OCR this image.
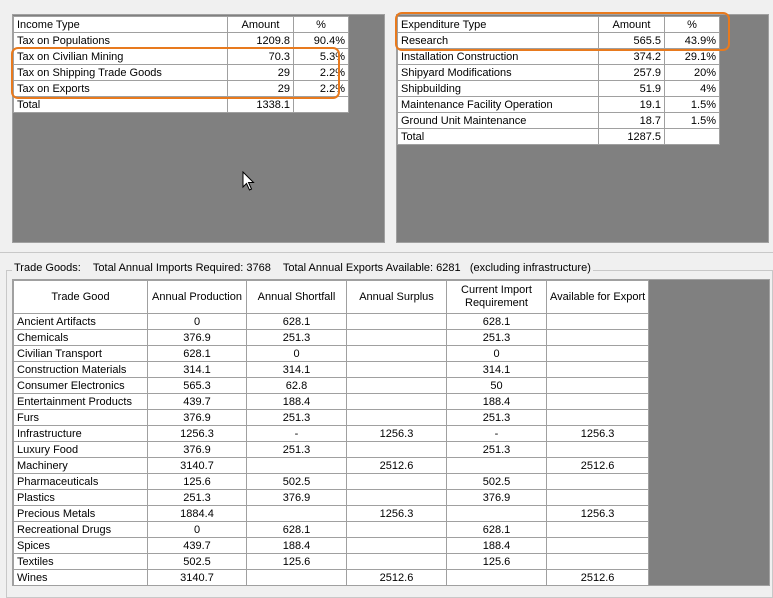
Income Type	Amount	%
Tax on Populations	1209.8	90.4%
Tax on Civilian Mining	70.3	5.3%
Tax on Shipping Trade Goods	29	2.2%
Tax on Exports	29	2.2%
Total	1338.1	
Expenditure Type	Amount	%
Research	565.5	43.9%
Installation Construction	374.2	29.1%
Shipyard Modifications	257.9	20%
Shipbuilding	51.9	4%
Maintenance Facility Operation	19.1	1.5%
Ground Unit Maintenance	18.7	1.5%
Total	1287.5	
Trade Goods: Total Annual Imports Required: 3768 Total Annual Exports Available: 6281 (excluding infrastructure)
Trade Good	Annual Production	Annual Shortfall	Annual Surplus	Current Import Requirement	Available for Export
Ancient Artifacts	0	628.1		628.1	
Chemicals	376.9	251.3		251.3	
Civilian Transport	628.1	0		0	
Construction Materials	314.1	314.1		314.1	
Consumer Electronics	565.3	62.8		50	
Entertainment Products	439.7	188.4		188.4	
Furs	376.9	251.3		251.3	
Infrastructure	1256.3	-	1256.3	-	1256.3
Luxury Food	376.9	251.3		251.3	
Machinery	3140.7		2512.6		2512.6
Pharmaceuticals	125.6	502.5		502.5	
Plastics	251.3	376.9		376.9	
Precious Metals	1884.4		1256.3		1256.3
Recreational Drugs	0	628.1		628.1	
Spices	439.7	188.4		188.4	
Textiles	502.5	125.6		125.6	
Wines	3140.7		2512.6		2512.6
